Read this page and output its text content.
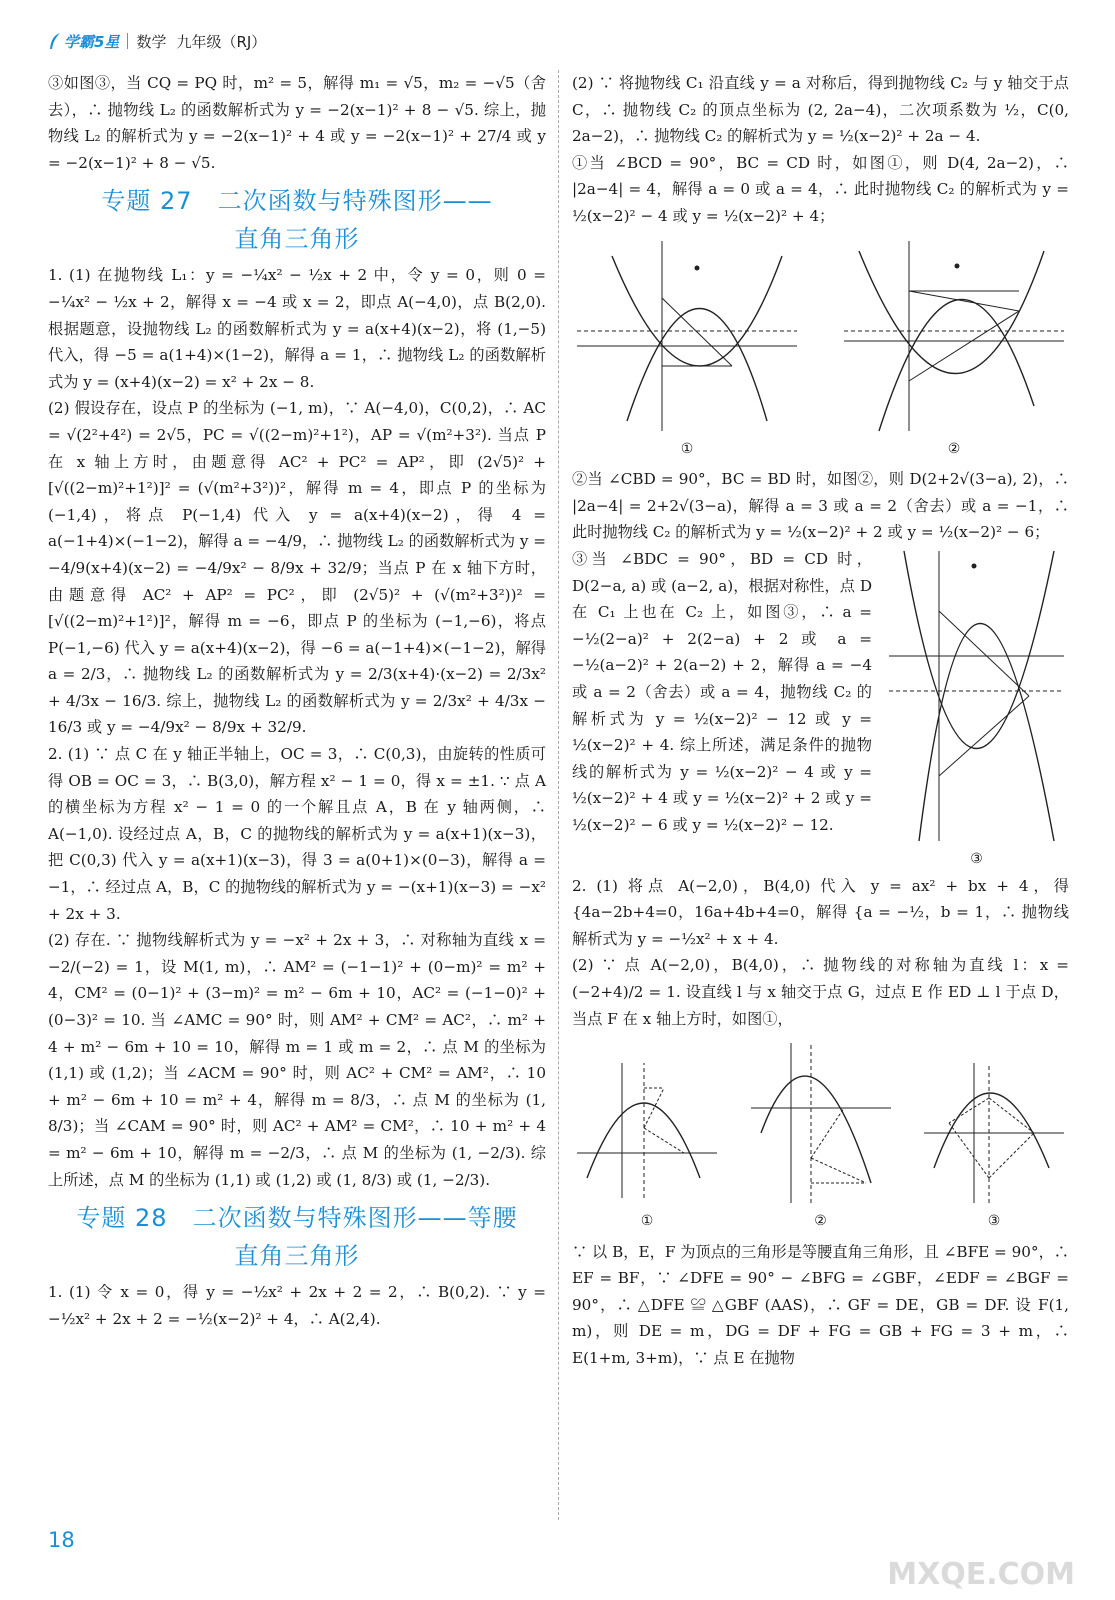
学霸5星 数学 九年级（RJ）

③如图③，当 CQ = PQ 时，m² = 5，解得 m₁ = √5，m₂ = −√5（舍去），∴ 抛物线 L₂ 的函数解析式为 y = −2(x−1)² + 8 − √5. 综上，抛物线 L₂ 的解析式为 y = −2(x−1)² + 4 或 y = −2(x−1)² + 27/4 或 y = −2(x−1)² + 8 − √5.

专题 27　二次函数与特殊图形——
直角三角形

1. (1) 在抛物线 L₁：y = −¼x² − ½x + 2 中，令 y = 0，则 0 = −¼x² − ½x + 2，解得 x = −4 或 x = 2，即点 A(−4,0)，点 B(2,0). 根据题意，设抛物线 L₂ 的函数解析式为 y = a(x+4)(x−2)，将 (1,−5) 代入，得 −5 = a(1+4)×(1−2)，解得 a = 1，∴ 抛物线 L₂ 的函数解析式为 y = (x+4)(x−2) = x² + 2x − 8.

(2) 假设存在，设点 P 的坐标为 (−1, m)，∵ A(−4,0)，C(0,2)，∴ AC = √(2²+4²) = 2√5，PC = √((2−m)²+1²)，AP = √(m²+3²). 当点 P 在 x 轴上方时，由题意得 AC² + PC² = AP²，即 (2√5)² + [√((2−m)²+1²)]² = (√(m²+3²))²，解得 m = 4，即点 P 的坐标为 (−1,4)，将点 P(−1,4) 代入 y = a(x+4)(x−2)，得 4 = a(−1+4)×(−1−2)，解得 a = −4/9，∴ 抛物线 L₂ 的函数解析式为 y = −4/9(x+4)(x−2) = −4/9x² − 8/9x + 32/9；当点 P 在 x 轴下方时，由题意得 AC² + AP² = PC²，即 (2√5)² + (√(m²+3²))² = [√((2−m)²+1²)]²，解得 m = −6，即点 P 的坐标为 (−1,−6)，将点 P(−1,−6) 代入 y = a(x+4)(x−2)，得 −6 = a(−1+4)×(−1−2)，解得 a = 2/3，∴ 抛物线 L₂ 的函数解析式为 y = 2/3(x+4)·(x−2) = 2/3x² + 4/3x − 16/3. 综上，抛物线 L₂ 的函数解析式为 y = 2/3x² + 4/3x − 16/3 或 y = −4/9x² − 8/9x + 32/9.

2. (1) ∵ 点 C 在 y 轴正半轴上，OC = 3，∴ C(0,3)，由旋转的性质可得 OB = OC = 3，∴ B(3,0)，解方程 x² − 1 = 0，得 x = ±1. ∵ 点 A 的横坐标为方程 x² − 1 = 0 的一个解且点 A，B 在 y 轴两侧，∴ A(−1,0). 设经过点 A，B，C 的抛物线的解析式为 y = a(x+1)(x−3)，把 C(0,3) 代入 y = a(x+1)(x−3)，得 3 = a(0+1)×(0−3)，解得 a = −1，∴ 经过点 A，B，C 的抛物线的解析式为 y = −(x+1)(x−3) = −x² + 2x + 3.

(2) 存在. ∵ 抛物线解析式为 y = −x² + 2x + 3，∴ 对称轴为直线 x = −2/(−2) = 1，设 M(1, m)，∴ AM² = (−1−1)² + (0−m)² = m² + 4，CM² = (0−1)² + (3−m)² = m² − 6m + 10，AC² = (−1−0)² + (0−3)² = 10. 当 ∠AMC = 90° 时，则 AM² + CM² = AC²，∴ m² + 4 + m² − 6m + 10 = 10，解得 m = 1 或 m = 2，∴ 点 M 的坐标为 (1,1) 或 (1,2)；当 ∠ACM = 90° 时，则 AC² + CM² = AM²，∴ 10 + m² − 6m + 10 = m² + 4，解得 m = 8/3，∴ 点 M 的坐标为 (1, 8/3)；当 ∠CAM = 90° 时，则 AC² + AM² = CM²，∴ 10 + m² + 4 = m² − 6m + 10，解得 m = −2/3，∴ 点 M 的坐标为 (1, −2/3). 综上所述，点 M 的坐标为 (1,1) 或 (1,2) 或 (1, 8/3) 或 (1, −2/3).

专题 28　二次函数与特殊图形——等腰
直角三角形

1. (1) 令 x = 0，得 y = −½x² + 2x + 2 = 2，∴ B(0,2). ∵ y = −½x² + 2x + 2 = −½(x−2)² + 4，∴ A(2,4).

(2) ∵ 将抛物线 C₁ 沿直线 y = a 对称后，得到抛物线 C₂ 与 y 轴交于点 C，∴ 抛物线 C₂ 的顶点坐标为 (2, 2a−4)，二次项系数为 ½，C(0, 2a−2)，∴ 抛物线 C₂ 的解析式为 y = ½(x−2)² + 2a − 4.

①当 ∠BCD = 90°，BC = CD 时，如图①，则 D(4, 2a−2)，∴ |2a−4| = 4，解得 a = 0 或 a = 4，∴ 此时抛物线 C₂ 的解析式为 y = ½(x−2)² − 4 或 y = ½(x−2)² + 4；

①	②

②当 ∠CBD = 90°，BC = BD 时，如图②，则 D(2+2√(3−a), 2)，∴ |2a−4| = 2+2√(3−a)，解得 a = 3 或 a = 2（舍去）或 a = −1，∴ 此时抛物线 C₂ 的解析式为 y = ½(x−2)² + 2 或 y = ½(x−2)² − 6；

③当 ∠BDC = 90°，BD = CD 时，D(2−a, a) 或 (a−2, a)，根据对称性，点 D 在 C₁ 上也在 C₂ 上，如图③，∴ a = −½(2−a)² + 2(2−a) + 2 或 a = −½(a−2)² + 2(a−2) + 2，解得 a = −4 或 a = 2（舍去）或 a = 4，抛物线 C₂ 的解析式为 y = ½(x−2)² − 12 或 y = ½(x−2)² + 4. 综上所述，满足条件的抛物线的解析式为 y = ½(x−2)² − 4 或 y = ½(x−2)² + 4 或 y = ½(x−2)² + 2 或 y = ½(x−2)² − 6 或 y = ½(x−2)² − 12.

③

2. (1) 将点 A(−2,0)，B(4,0) 代入 y = ax² + bx + 4，得 {4a−2b+4=0，16a+4b+4=0，解得 {a = −½，b = 1，∴ 抛物线解析式为 y = −½x² + x + 4.

(2) ∵ 点 A(−2,0)，B(4,0)，∴ 抛物线的对称轴为直线 l：x = (−2+4)/2 = 1. 设直线 l 与 x 轴交于点 G，过点 E 作 ED ⊥ l 于点 D，当点 F 在 x 轴上方时，如图①，

①	②	③

∵ 以 B，E，F 为顶点的三角形是等腰直角三角形，且 ∠BFE = 90°，∴ EF = BF，∵ ∠DFE = 90° − ∠BFG = ∠GBF，∠EDF = ∠BGF = 90°，∴ △DFE ≌ △GBF (AAS)，∴ GF = DE，GB = DF. 设 F(1, m)，则 DE = m，DG = DF + FG = GB + FG = 3 + m，∴ E(1+m, 3+m)，∵ 点 E 在抛物

18
MXQE.COM
